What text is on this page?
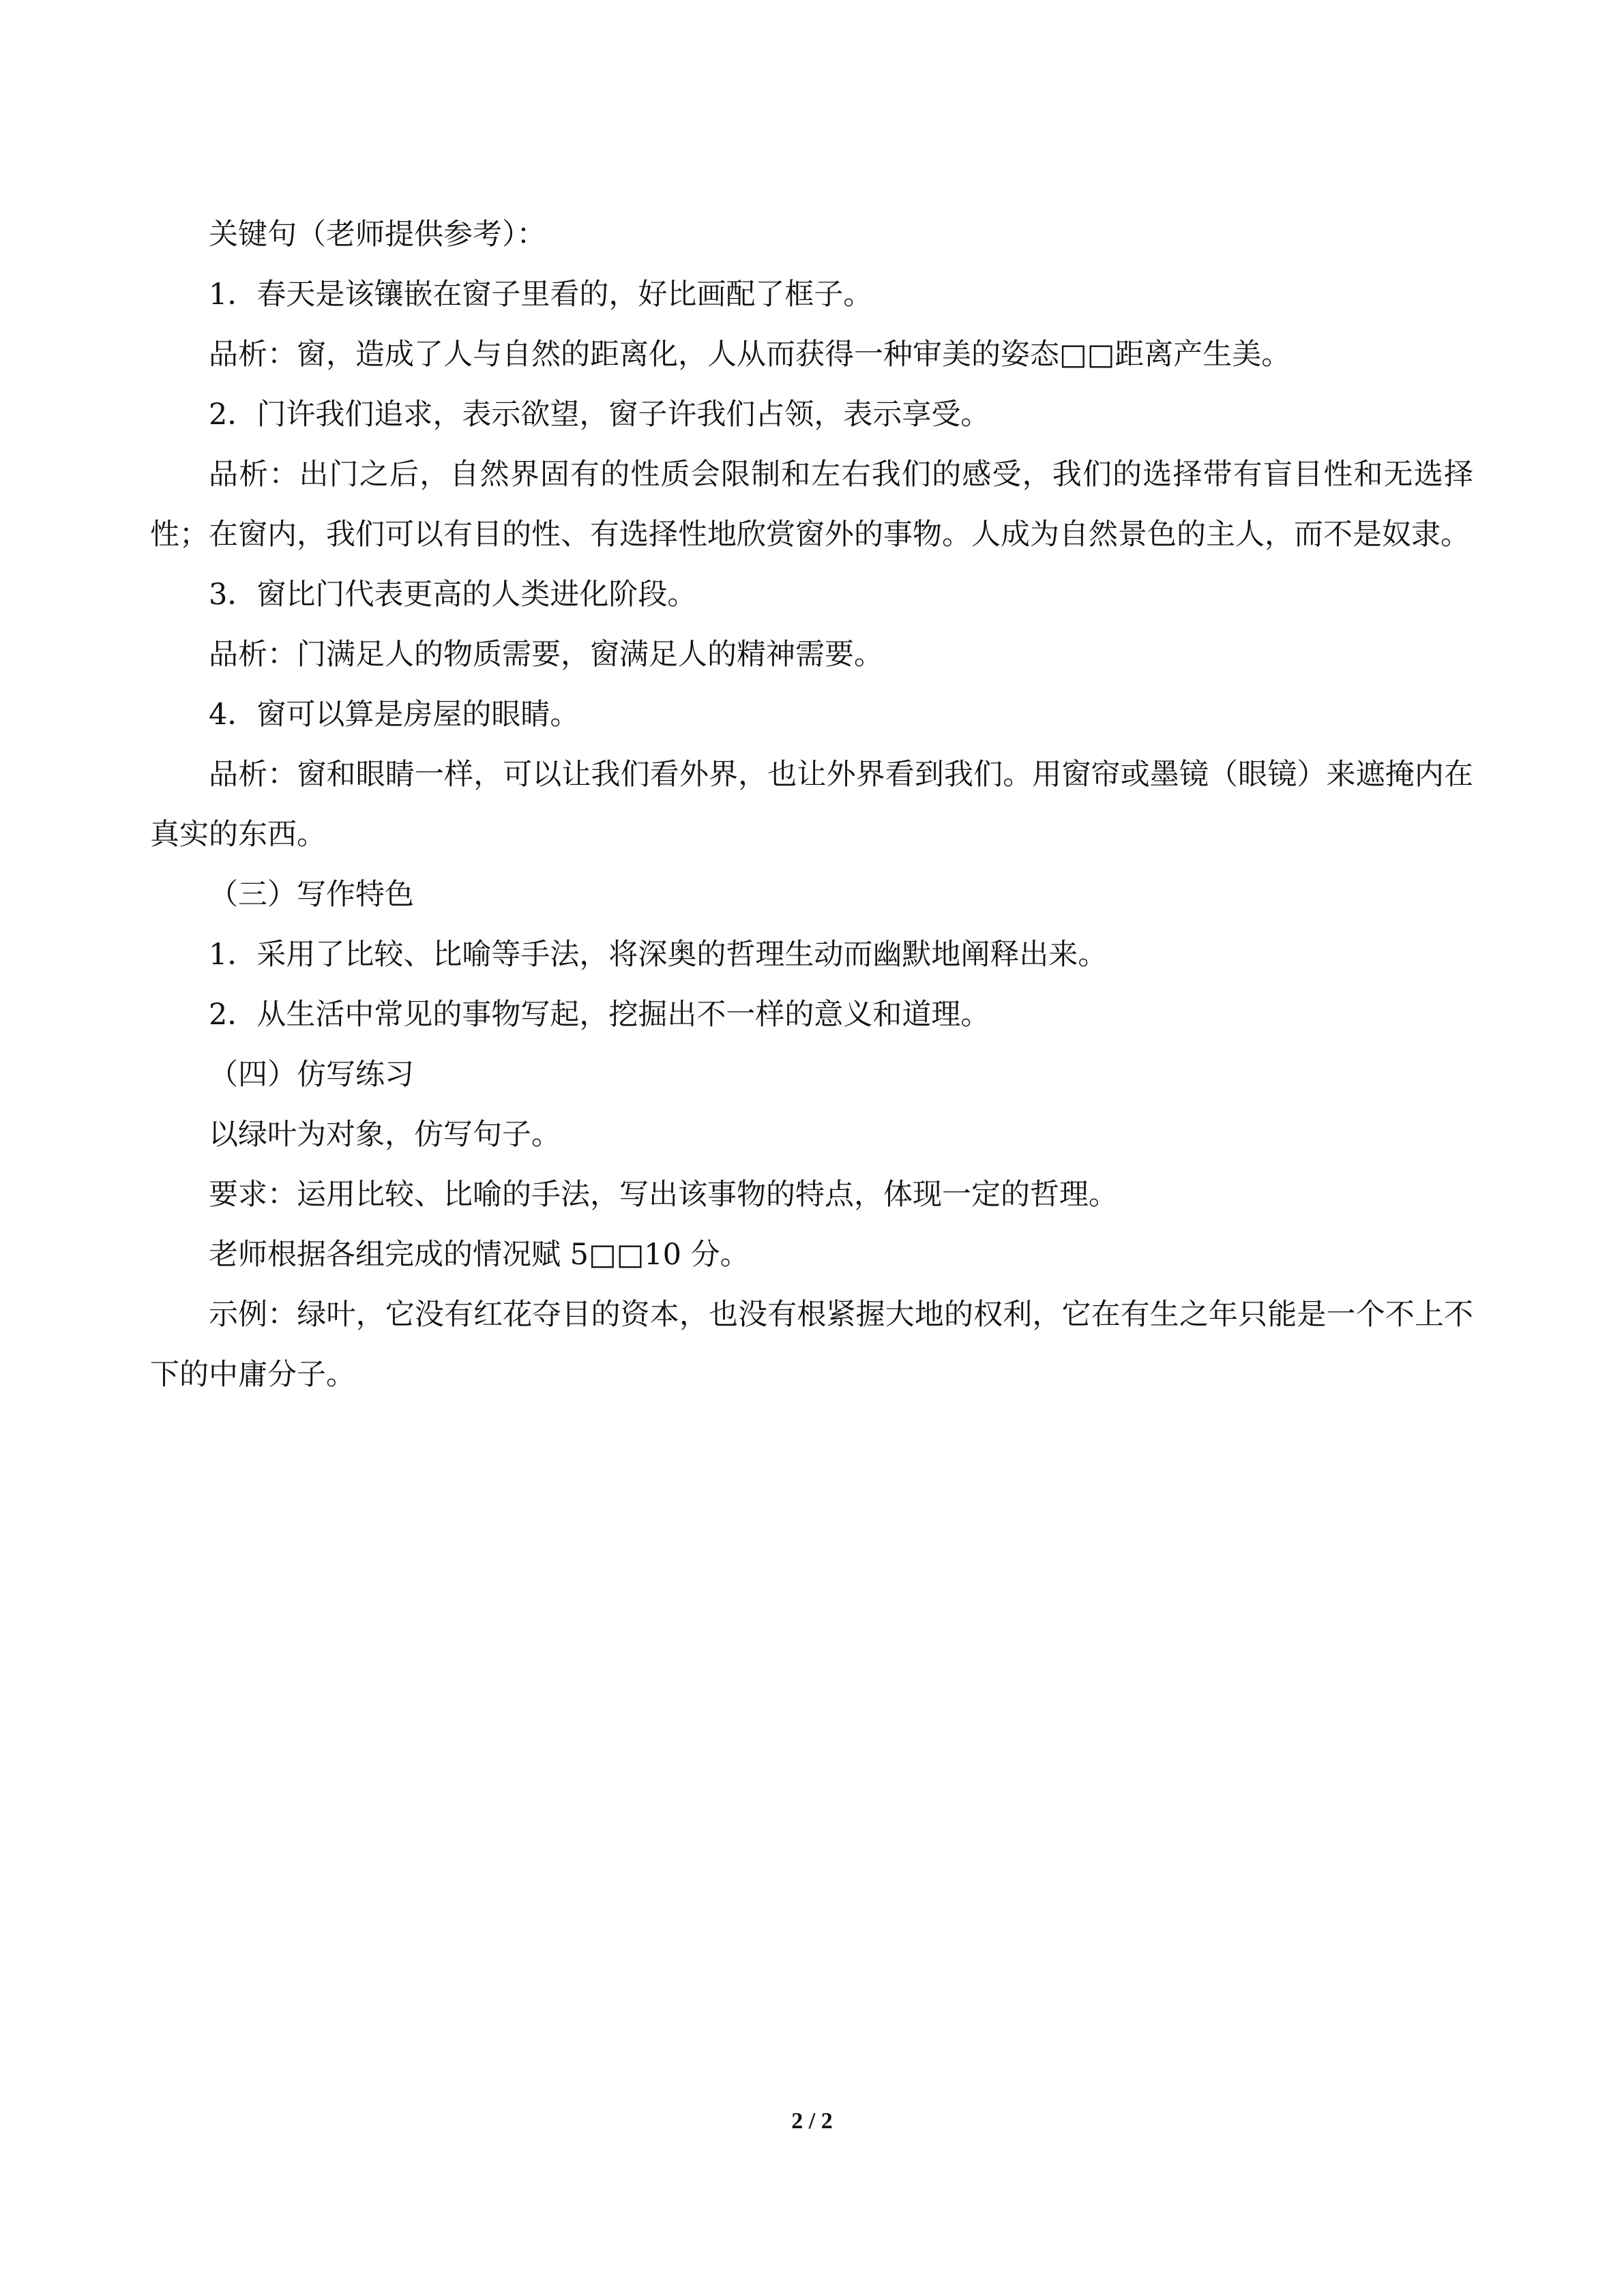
关键句（老师提供参考）：

1．春天是该镶嵌在窗子里看的，好比画配了框子。

品析：窗，造成了人与自然的距离化，人从而获得一种审美的姿态□□距离产生美。

2．门许我们追求，表示欲望，窗子许我们占领，表示享受。

品析：出门之后，自然界固有的性质会限制和左右我们的感受，我们的选择带有盲目性和无选择性；在窗内，我们可以有目的性、有选择性地欣赏窗外的事物。人成为自然景色的主人，而不是奴隶。

3．窗比门代表更高的人类进化阶段。

品析：门满足人的物质需要，窗满足人的精神需要。

4．窗可以算是房屋的眼睛。

品析：窗和眼睛一样，可以让我们看外界，也让外界看到我们。用窗帘或墨镜（眼镜）来遮掩内在真实的东西。

（三）写作特色

1．采用了比较、比喻等手法，将深奥的哲理生动而幽默地阐释出来。

2．从生活中常见的事物写起，挖掘出不一样的意义和道理。

（四）仿写练习

以绿叶为对象，仿写句子。

要求：运用比较、比喻的手法，写出该事物的特点，体现一定的哲理。

老师根据各组完成的情况赋 5□□10 分。

示例：绿叶，它没有红花夺目的资本，也没有根紧握大地的权利，它在有生之年只能是一个不上不下的中庸分子。

2 / 2
